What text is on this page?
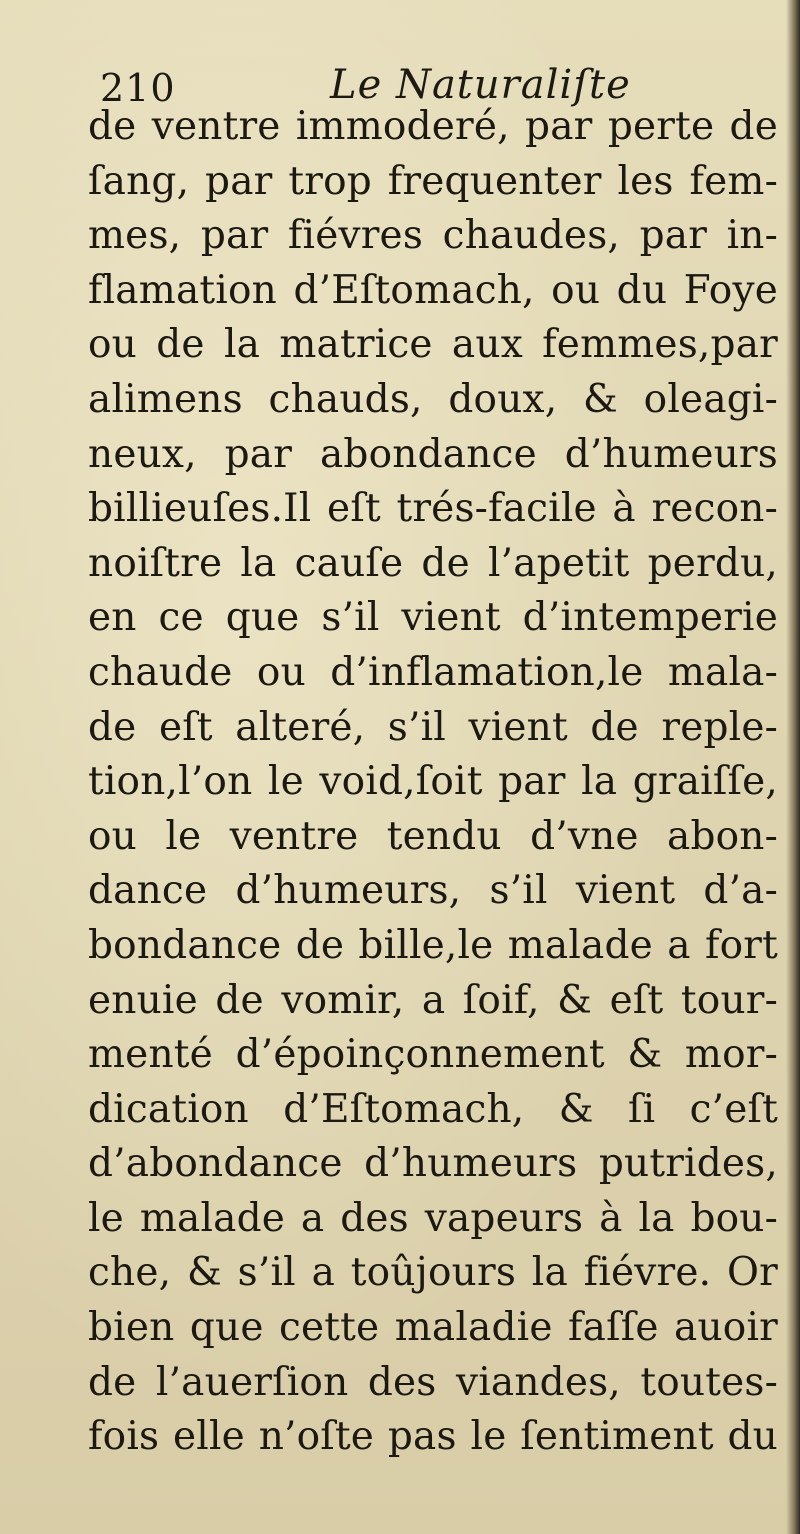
210	Le Naturaliſte
de ventre immoderé, par perte de
ſang, par trop frequenter les fem-
mes, par fiévres chaudes, par in-
flamation d’Eſtomach, ou du Foye
ou de la matrice aux femmes,par
alimens chauds, doux, & oleagi-
neux, par abondance d’humeurs
billieuſes.Il eſt trés-facile à recon-
noiſtre la cauſe de l’apetit perdu,
en ce que s’il vient d’intemperie
chaude ou d’inflamation,le mala-
de eſt alteré, s’il vient de reple-
tion,l’on le void,ſoit par la graiſſe,
ou le ventre tendu d’vne abon-
dance d’humeurs, s’il vient d’a-
bondance de bille,le malade a fort
enuie de vomir, a ſoif, & eſt tour-
menté d’époinçonnement & mor-
dication d’Eſtomach, & ſi c’eſt
d’abondance d’humeurs putrides,
le malade a des vapeurs à la bou-
che, & s’il a toûjours la fiévre. Or
bien que cette maladie faſſe auoir
de l’auerſion des viandes, toutes-
fois elle n’oſte pas le ſentiment du
